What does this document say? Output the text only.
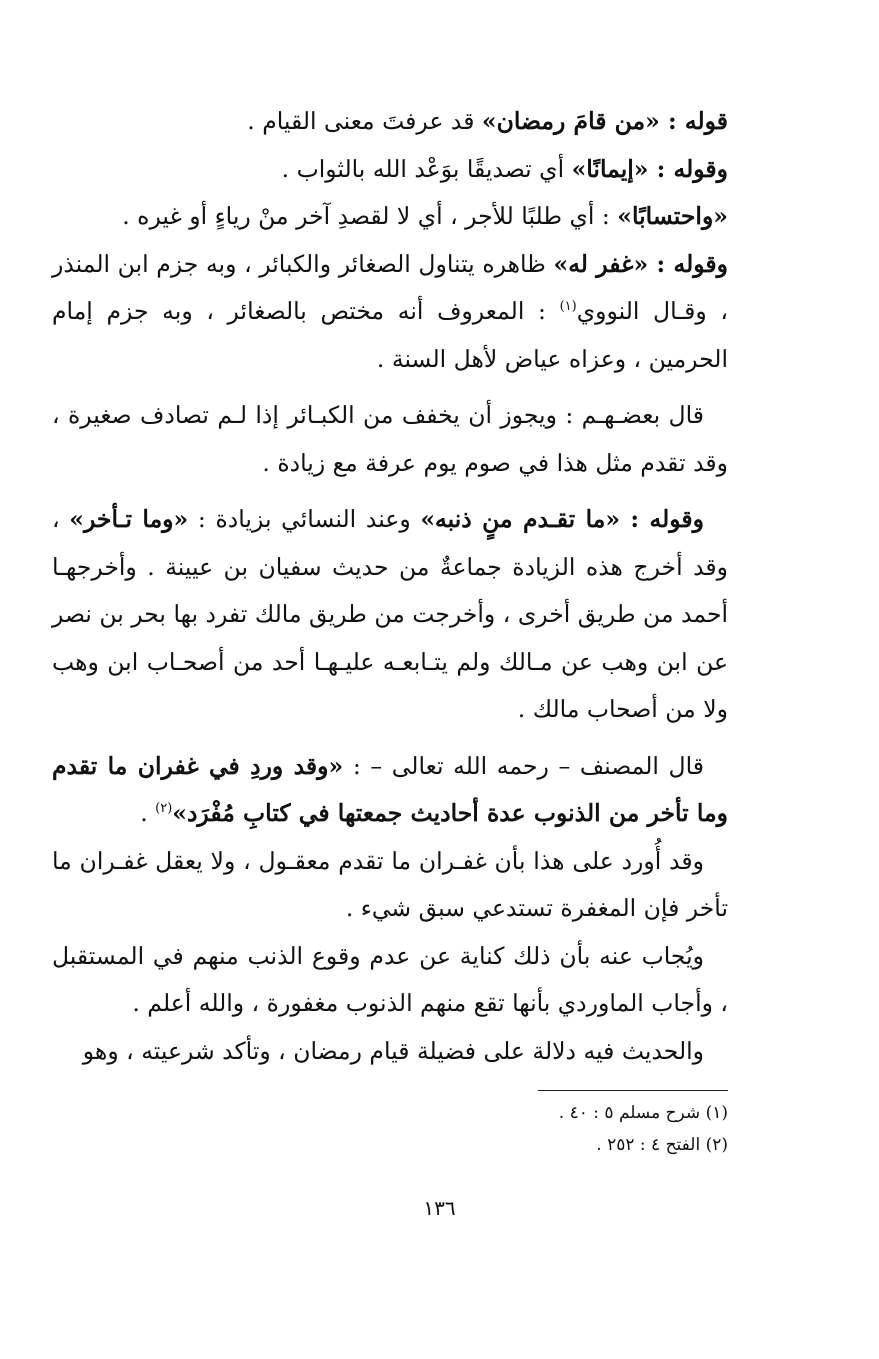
قوله : «من قامَ رمضان» قد عرفتَ معنى القيام .

وقوله : «إيمانًا» أي تصديقًا بوَعْد الله بالثواب .

«واحتسابًا» : أي طلبًا للأجر ، أي لا لقصدِ آخر منْ رياءٍ أو غيره .

وقوله : «غفر له» ظاهره يتناول الصغائر والكبائر ، وبه جزم ابن المنذر ، وقـال النووي$^{(١)}$ : المعروف أنه مختص بالصغائر ، وبه جزم إمام الحرمين ، وعزاه عياض لأهل السنة .

قال بعضـهـم : ويجوز أن يخفف من الكبـائر إذا لـم تصادف صغيرة ، وقد تقدم مثل هذا في صوم يوم عرفة مع زيادة .

وقوله : «ما تقـدم منٍ ذنبه» وعند النسائي بزيادة : «وما تـأخر» ، وقد أخرج هذه الزيادة جماعةٌ من حديث سفيان بن عيينة . وأخرجهـا أحمد من طريق أخرى ، وأخرجت من طريق مالك تفرد بها بحر بن نصر عن ابن وهب عن مـالك ولم يتـابعـه عليـهـا أحد من أصحـاب ابن وهب ولا من أصحاب مالك .

قال المصنف – رحمه الله تعالى – : «وقد وردِ في غفران ما تقدم وما تأخر من الذنوب عدة أحاديث جمعتها في كتابِ مُفْرَد»$^{(٢)}$ .

وقد أُورد على هذا بأن غفـران ما تقدم معقـول ، ولا يعقل غفـران ما تأخر فإن المغفرة تستدعي سبق شيء .

ويُجاب عنه بأن ذلك كناية عن عدم وقوع الذنب منهم في المستقبل ، وأجاب الماوردي بأنها تقع منهم الذنوب مغفورة ، والله أعلم .

والحديث فيه دلالة على فضيلة قيام رمضان ، وتأكد شرعيته ، وهو

(١) شرح مسلم ٥ : ٤٠ .

(٢) الفتح ٤ : ٢٥٢ .

١٣٦
